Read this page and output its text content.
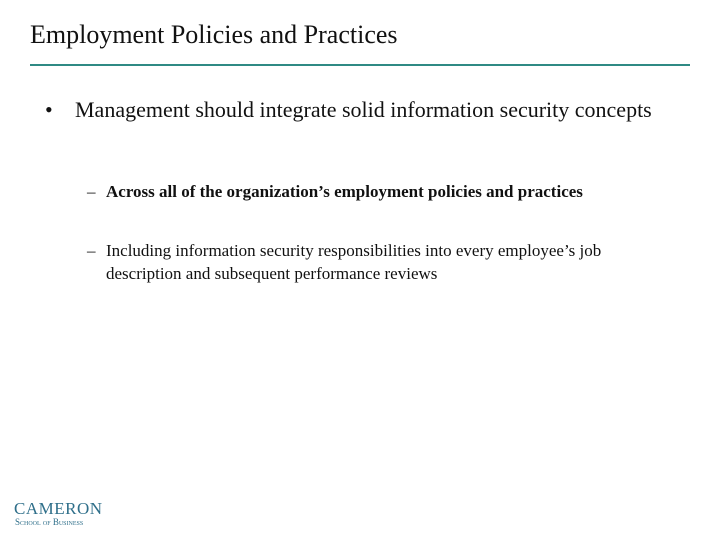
Employment Policies and Practices
• Management should integrate solid information security concepts
– Across all of the organization’s employment policies and practices
– Including information security responsibilities into every employee’s job description and subsequent performance reviews
CAMERON
School of Business
